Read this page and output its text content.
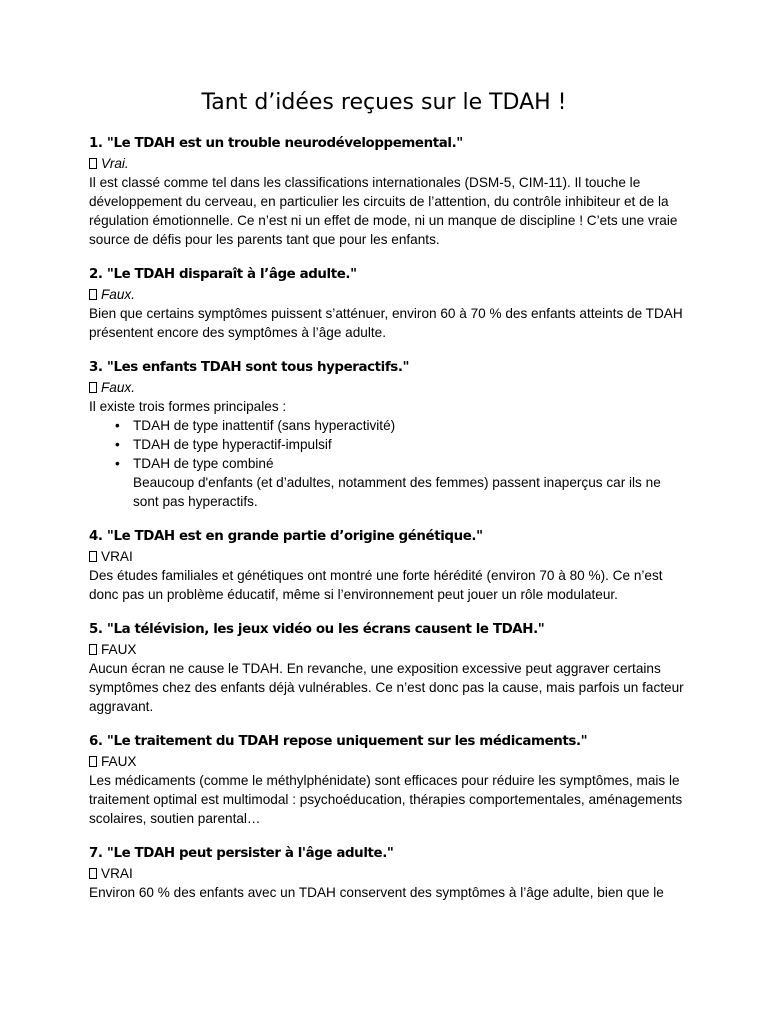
Tant d’idées reçues sur le TDAH !

1. "Le TDAH est un trouble neurodéveloppemental."

Vrai.

Il est classé comme tel dans les classifications internationales (DSM-5, CIM-11). Il touche le développement du cerveau, en particulier les circuits de l’attention, du contrôle inhibiteur et de la régulation émotionnelle. Ce n’est ni un effet de mode, ni un manque de discipline ! C’ets une vraie source de défis pour les parents tant que pour les enfants.

2. "Le TDAH disparaît à l’âge adulte."

Faux.

Bien que certains symptômes puissent s’atténuer, environ 60 à 70 % des enfants atteints de TDAH présentent encore des symptômes à l’âge adulte.

3. "Les enfants TDAH sont tous hyperactifs."

Faux.

Il existe trois formes principales :

• TDAH de type inattentif (sans hyperactivité)
• TDAH de type hyperactif-impulsif
• TDAH de type combiné

Beaucoup d'enfants (et d’adultes, notamment des femmes) passent inaperçus car ils ne sont pas hyperactifs.

4. "Le TDAH est en grande partie d’origine génétique."

VRAI

Des études familiales et génétiques ont montré une forte hérédité (environ 70 à 80 %). Ce n’est donc pas un problème éducatif, même si l’environnement peut jouer un rôle modulateur.

5. "La télévision, les jeux vidéo ou les écrans causent le TDAH."

FAUX

Aucun écran ne cause le TDAH. En revanche, une exposition excessive peut aggraver certains symptômes chez des enfants déjà vulnérables. Ce n’est donc pas la cause, mais parfois un facteur aggravant.

6. "Le traitement du TDAH repose uniquement sur les médicaments."

FAUX

Les médicaments (comme le méthylphénidate) sont efficaces pour réduire les symptômes, mais le traitement optimal est multimodal : psychoéducation, thérapies comportementales, aménagements scolaires, soutien parental…

7. "Le TDAH peut persister à l'âge adulte."

VRAI

Environ 60 % des enfants avec un TDAH conservent des symptômes à l’âge adulte, bien que le
